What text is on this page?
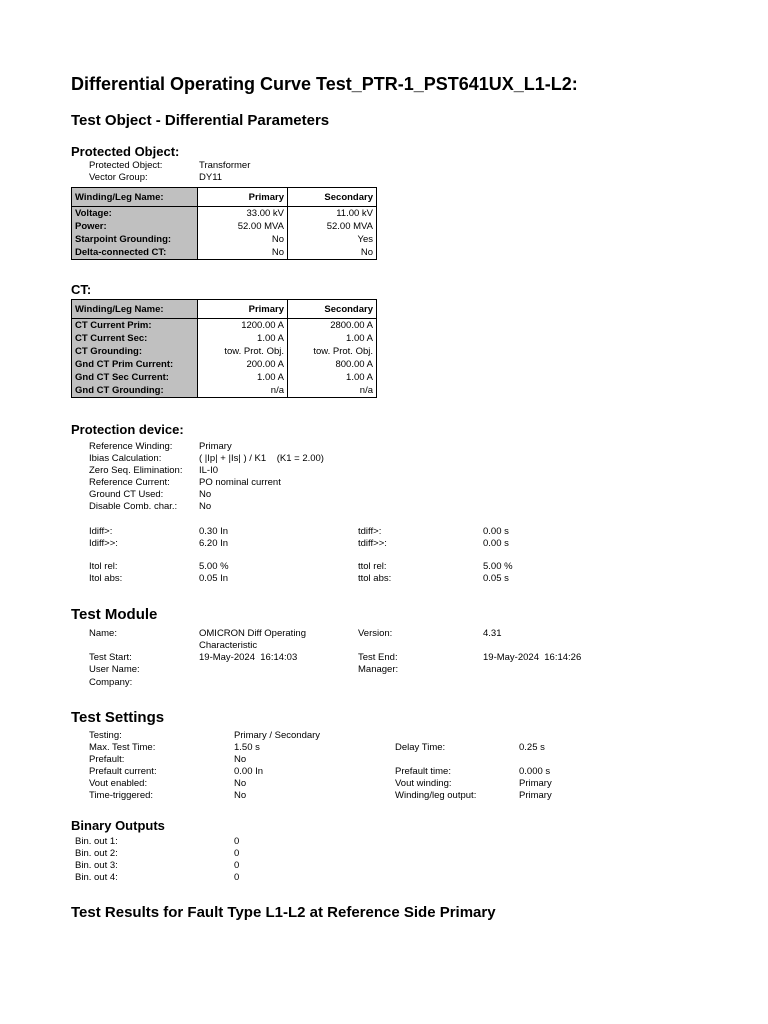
Differential Operating Curve Test_PTR-1_PST641UX_L1-L2:
Test Object - Differential Parameters
Protected Object:
Protected Object:	Transformer
Vector Group:	DY11
Winding/Leg Name:	Primary	Secondary
Voltage:	33.00 kV	11.00 kV
Power:	52.00 MVA	52.00 MVA
Starpoint Grounding:	No	Yes
Delta-connected CT:	No	No
CT:
Winding/Leg Name:	Primary	Secondary
CT Current Prim:	1200.00 A	2800.00 A
CT Current Sec:	1.00 A	1.00 A
CT Grounding:	tow. Prot. Obj.	tow. Prot. Obj.
Gnd CT Prim Current:	200.00 A	800.00 A
Gnd CT Sec Current:	1.00 A	1.00 A
Gnd CT Grounding:	n/a	n/a
Protection device:
Reference Winding:	Primary
Ibias Calculation:	( |Ip| + |Is| ) / K1    (K1 = 2.00)
Zero Seq. Elimination: IL-I0
Reference Current:	PO nominal current
Ground CT Used:	No
Disable Comb. char.: No
Idiff>:	0.30 In	tdiff>:	0.00 s
Idiff>>:	6.20 In	tdiff>>:	0.00 s
Itol rel:	5.00 %	ttol rel:	5.00 %
Itol abs:	0.05 In	ttol abs:	0.05 s
Test Module
Name:	OMICRON Diff Operating
Characteristic
Version:	4.31
Test Start:	19-May-2024  16:14:03	Test End:	19-May-2024  16:14:26
User Name:	Manager:
Company:
Test Settings
Testing:	Primary / Secondary
Max. Test Time:	1.50 s	Delay Time:	0.25 s
Prefault:	No
Prefault current:	0.00 In	Prefault time:	0.000 s
Vout enabled:	No	Vout winding:	Primary
Time-triggered:	No	Winding/leg output:	Primary
Binary Outputs
Bin. out 1:	0
Bin. out 2:	0
Bin. out 3:	0
Bin. out 4:	0
Test Results for Fault Type L1-L2 at Reference Side Primary
